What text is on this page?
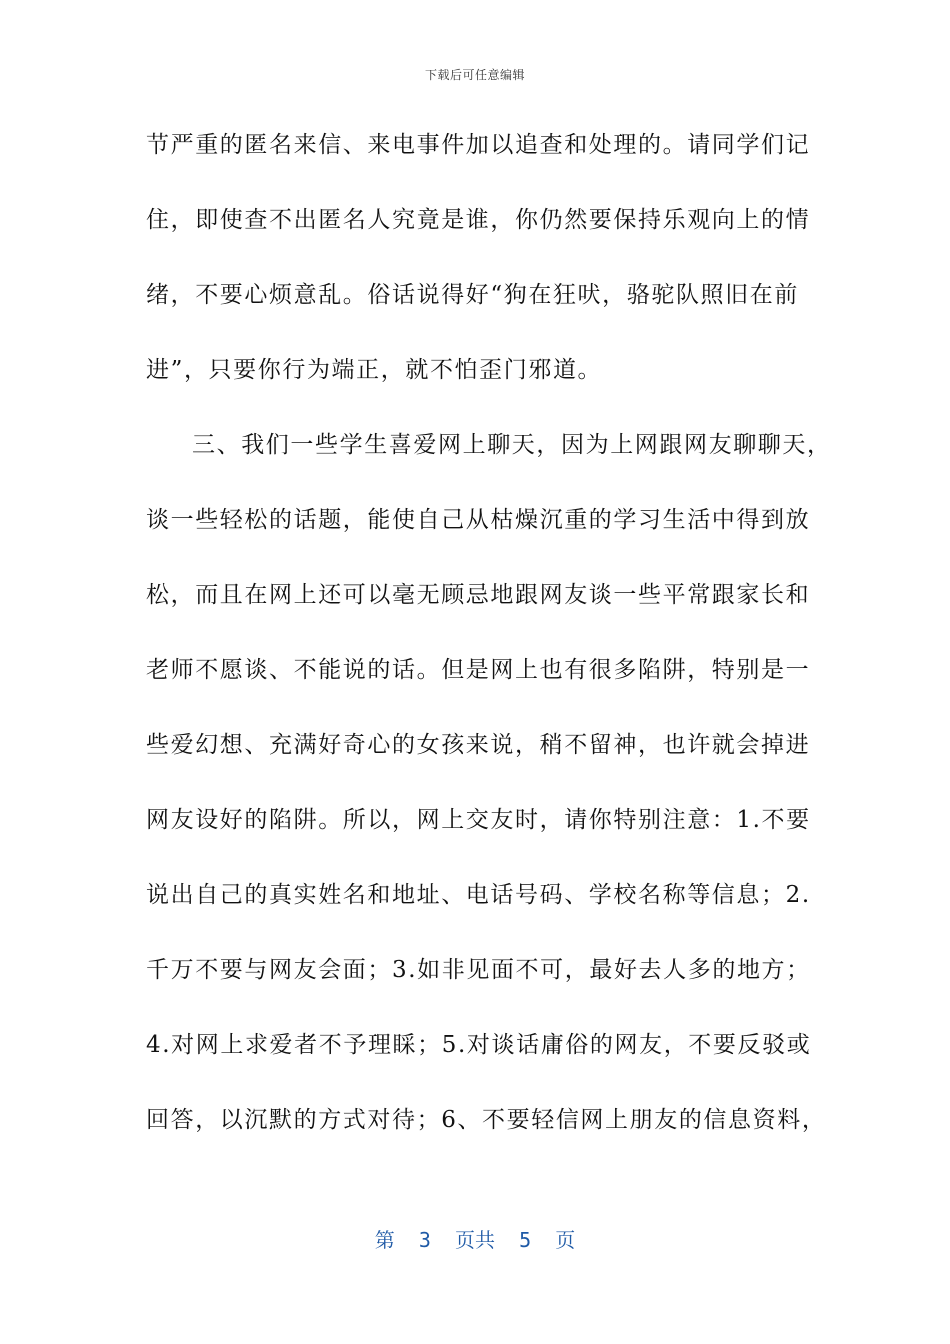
下载后可任意编辑
节严重的匿名来信、来电事件加以追查和处理的。请同学们记
住，即使查不出匿名人究竟是谁，你仍然要保持乐观向上的情
绪，不要心烦意乱。俗话说得好“狗在狂吠，骆驼队照旧在前
进”，只要你行为端正，就不怕歪门邪道。
三、我们一些学生喜爱网上聊天，因为上网跟网友聊聊天，
谈一些轻松的话题，能使自己从枯燥沉重的学习生活中得到放
松，而且在网上还可以毫无顾忌地跟网友谈一些平常跟家长和
老师不愿谈、不能说的话。但是网上也有很多陷阱，特别是一
些爱幻想、充满好奇心的女孩来说，稍不留神，也许就会掉进
网友设好的陷阱。所以，网上交友时，请你特别注意：1.不要
说出自己的真实姓名和地址、电话号码、学校名称等信息；2.
千万不要与网友会面；3.如非见面不可，最好去人多的地方；
4.对网上求爱者不予理睬；5.对谈话庸俗的网友，不要反驳或
回答，以沉默的方式对待；6、不要轻信网上朋友的信息资料，
第  3  页共  5  页
